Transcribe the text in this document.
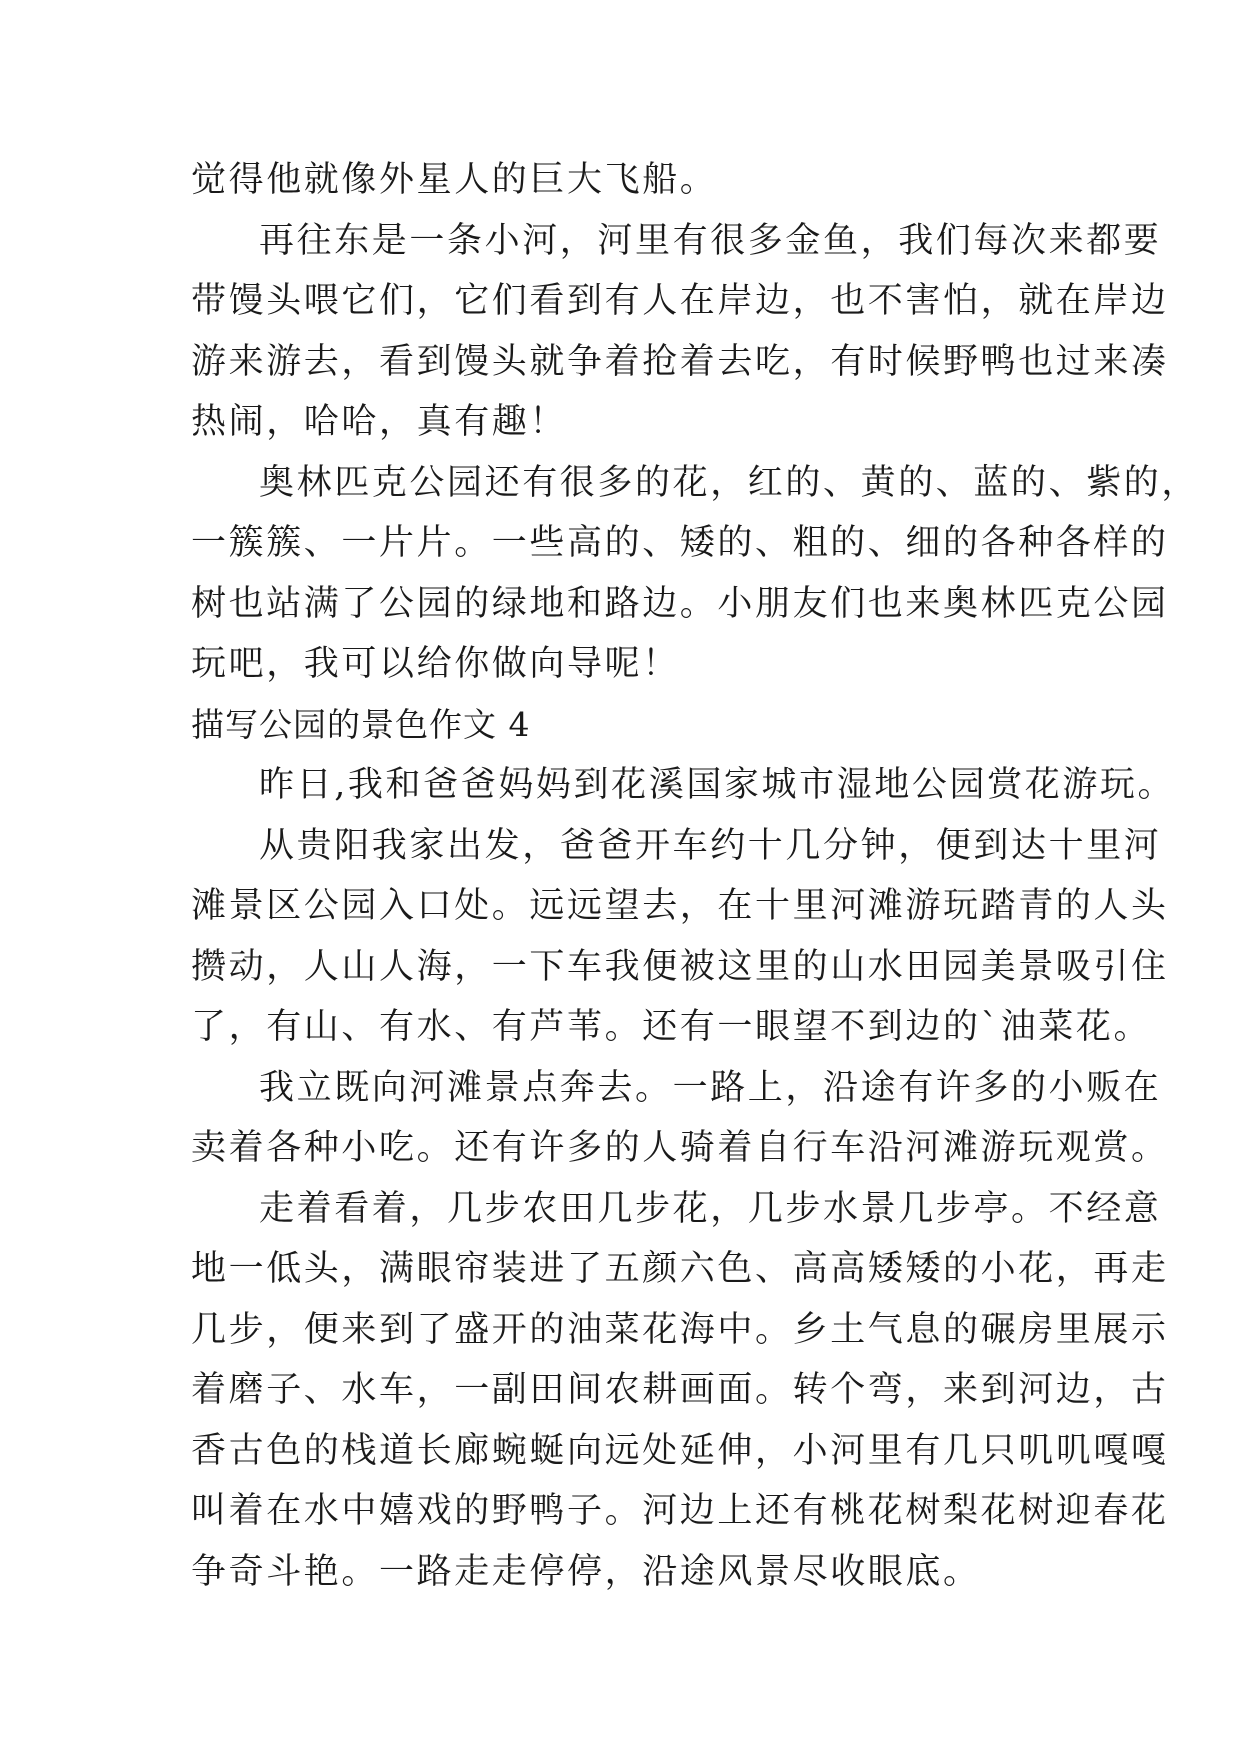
觉得他就像外星人的巨大飞船。
再往东是一条小河，河里有很多金鱼，我们每次来都要
带馒头喂它们，它们看到有人在岸边，也不害怕，就在岸边
游来游去，看到馒头就争着抢着去吃，有时候野鸭也过来凑
热闹，哈哈，真有趣！
奥林匹克公园还有很多的花，红的、黄的、蓝的、紫的，
一簇簇、一片片。一些高的、矮的、粗的、细的各种各样的
树也站满了公园的绿地和路边。小朋友们也来奥林匹克公园
玩吧，我可以给你做向导呢！
描写公园的景色作文 4
昨日,我和爸爸妈妈到花溪国家城市湿地公园赏花游玩。
从贵阳我家出发，爸爸开车约十几分钟，便到达十里河
滩景区公园入口处。远远望去，在十里河滩游玩踏青的人头
攒动，人山人海，一下车我便被这里的山水田园美景吸引住
了，有山、有水、有芦苇。还有一眼望不到边的`油菜花。
我立既向河滩景点奔去。一路上，沿途有许多的小贩在
卖着各种小吃。还有许多的人骑着自行车沿河滩游玩观赏。
走着看着，几步农田几步花，几步水景几步亭。不经意
地一低头，满眼帘装进了五颜六色、高高矮矮的小花，再走
几步，便来到了盛开的油菜花海中。乡土气息的碾房里展示
着磨子、水车，一副田间农耕画面。转个弯，来到河边，古
香古色的栈道长廊蜿蜒向远处延伸，小河里有几只叽叽嘎嘎
叫着在水中嬉戏的野鸭子。河边上还有桃花树梨花树迎春花
争奇斗艳。一路走走停停，沿途风景尽收眼底。
